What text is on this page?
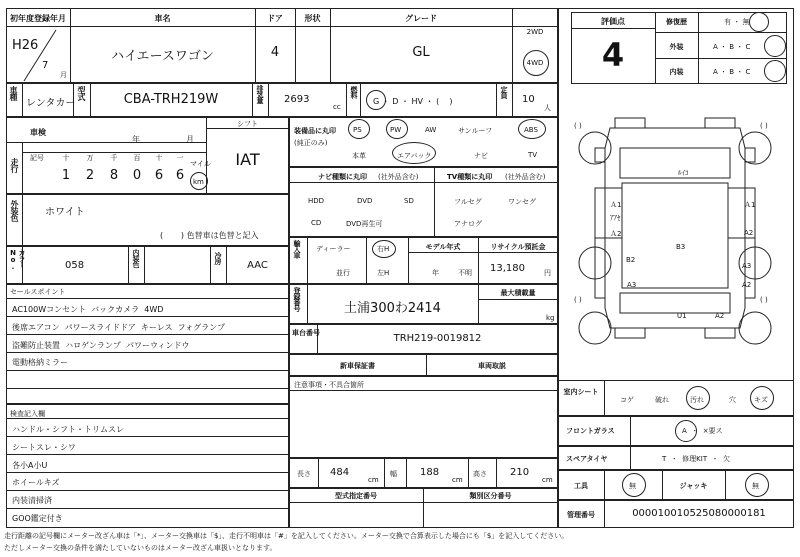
初年度登録年月	車名	ドア	形状	グレード
H26
7
月
ハイエースワゴン	4	GL
2WD
4WD
車種
レンタカー
型式	CBA-TRH219W	排気量 2693
cc
燃料
G ・ D ・ HV ・ (    )
定員
10
人
車検
年	月
シフト
IAT
走行 記号	十	万	千	百	十	一
1 2 8 0 6 6
マイル
km
外装色	ホワイト
(       ) 色替車は色替と記入
カラーNo.	058	内装色	冷房
AAC
セールスポイント
AC100Wコンセント  バックカメラ  4WD
後席エアコン  パワースライドドア  キーレス  フォグランプ
盗難防止装置  ハロゲンランプ  パワーウィンドウ
電動格納ミラー
検査記入欄
ハンドル・シフト・トリムスレ
シートスレ・シワ
各小A小U
ホイールキズ
内装清掃済
GOO鑑定付き
装備品に丸印
(純正のみ)
PS	PW	AW	サンルーフ	ABS
本革	エアバック	ナビ	TV
ナビ種類に丸印 (社外品含む)	TV種類に丸印 (社外品含む)
HDD	DVD	SD
CD	DVD再生可
フルセグ	ワンセグ
アナログ
輸入車 ディーラー
並行
右H
左H
モデル年式
年	不明
リサイクル預託金
13,180	円
登録番号	土浦300わ2414
最大積載量
kg
車台番号	TRH219-0019812
新車保証書	車両取説
注意事項・不具合箇所
長さ 484
cm
幅 188
cm
高さ 210
cm
型式指定番号	類別区分番号
評価点
4
修復歴	有 ・ 無
外装	A ・ B ・ C
内装	A ・ B ・ C
( )	( )
( )	( )
ﾙｲｺ
Ａ1
ｱｱｾ
Ａ2
Ａ1
A2
B2
A3
B3
A3
A2
U1	A2
室内シート
コゲ	破れ	汚れ	穴	キズ
フロントガラス	A  ・  ×要ス
スペアタイヤ	T  ・  修理KIT  ・  欠
工具	無	ジャッキ	無
管理番号	000010010525080000181
走行距離の記号欄にメーター改ざん車は「*」、メーター交換車は「$」、走行不明車は「#」を記入してください。メーター交換で合算表示した場合にも「$」を記入してください。
ただしメーター交換の条件を満たしていないものはメーター改ざん車扱いとなります。
